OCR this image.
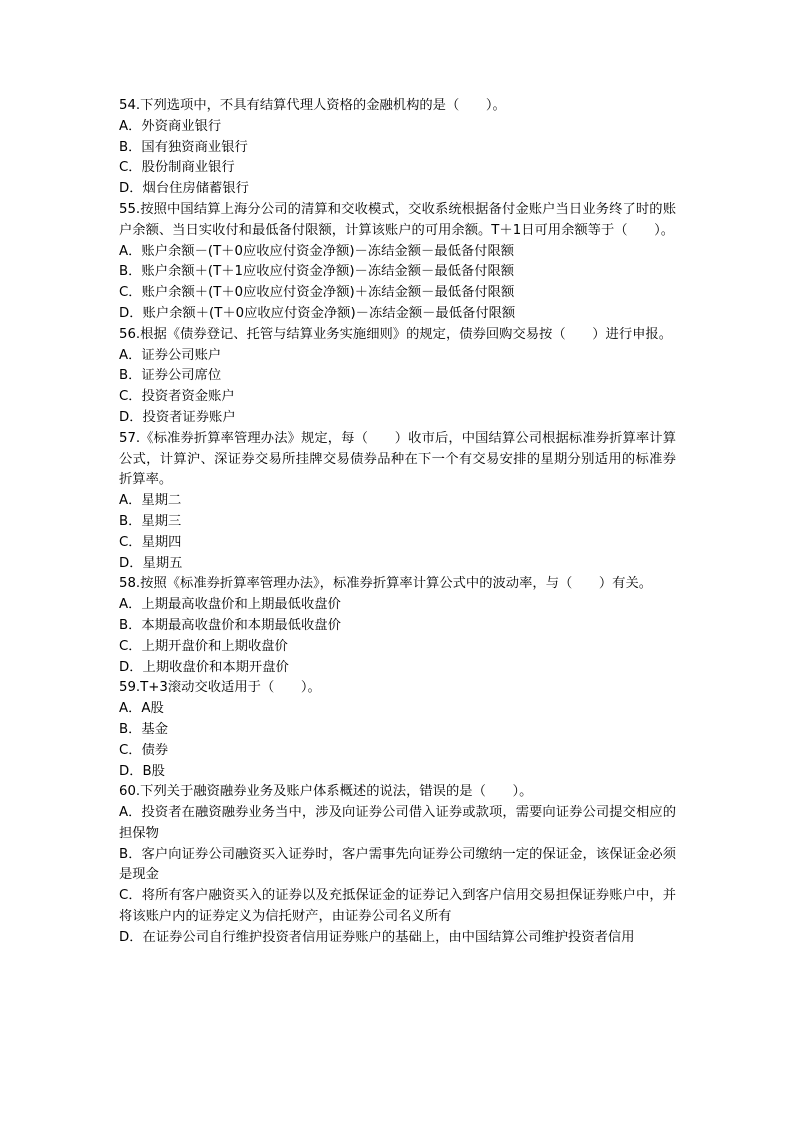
54.下列选项中，不具有结算代理人资格的金融机构的是（　　）。
A．外资商业银行
B．国有独资商业银行
C．股份制商业银行
D．烟台住房储蓄银行
55.按照中国结算上海分公司的清算和交收模式，交收系统根据备付金账户当日业务终了时的账户余额、当日实收付和最低备付限额，计算该账户的可用余额。T＋1日可用余额等于（　　）。
A．账户余额－(T＋0应收应付资金净额)－冻结金额－最低备付限额
B．账户余额＋(T＋1应收应付资金净额)－冻结金额－最低备付限额
C．账户余额＋(T＋0应收应付资金净额)＋冻结金额－最低备付限额
D．账户余额＋(T＋0应收应付资金净额)－冻结金额－最低备付限额
56.根据《债券登记、托管与结算业务实施细则》的规定，债券回购交易按（　　）进行申报。
A．证券公司账户
B．证券公司席位
C．投资者资金账户
D．投资者证券账户
57.《标准券折算率管理办法》规定，每（　　）收市后，中国结算公司根据标准券折算率计算公式，计算沪、深证券交易所挂牌交易债券品种在下一个有交易安排的星期分别适用的标准券折算率。
A．星期二
B．星期三
C．星期四
D．星期五
58.按照《标准券折算率管理办法》，标准券折算率计算公式中的波动率，与（　　）有关。
A．上期最高收盘价和上期最低收盘价
B．本期最高收盘价和本期最低收盘价
C．上期开盘价和上期收盘价
D．上期收盘价和本期开盘价
59.T+3滚动交收适用于（　　）。
A．A股
B．基金
C．债券
D．B股
60.下列关于融资融券业务及账户体系概述的说法，错误的是（　　）。
A．投资者在融资融券业务当中，涉及向证券公司借入证券或款项，需要向证券公司提交相应的担保物
B．客户向证券公司融资买入证券时，客户需事先向证券公司缴纳一定的保证金，该保证金必须是现金
C．将所有客户融资买入的证券以及充抵保证金的证券记入到客户信用交易担保证券账户中，并将该账户内的证券定义为信托财产，由证券公司名义所有
D．在证券公司自行维护投资者信用证券账户的基础上，由中国结算公司维护投资者信用
